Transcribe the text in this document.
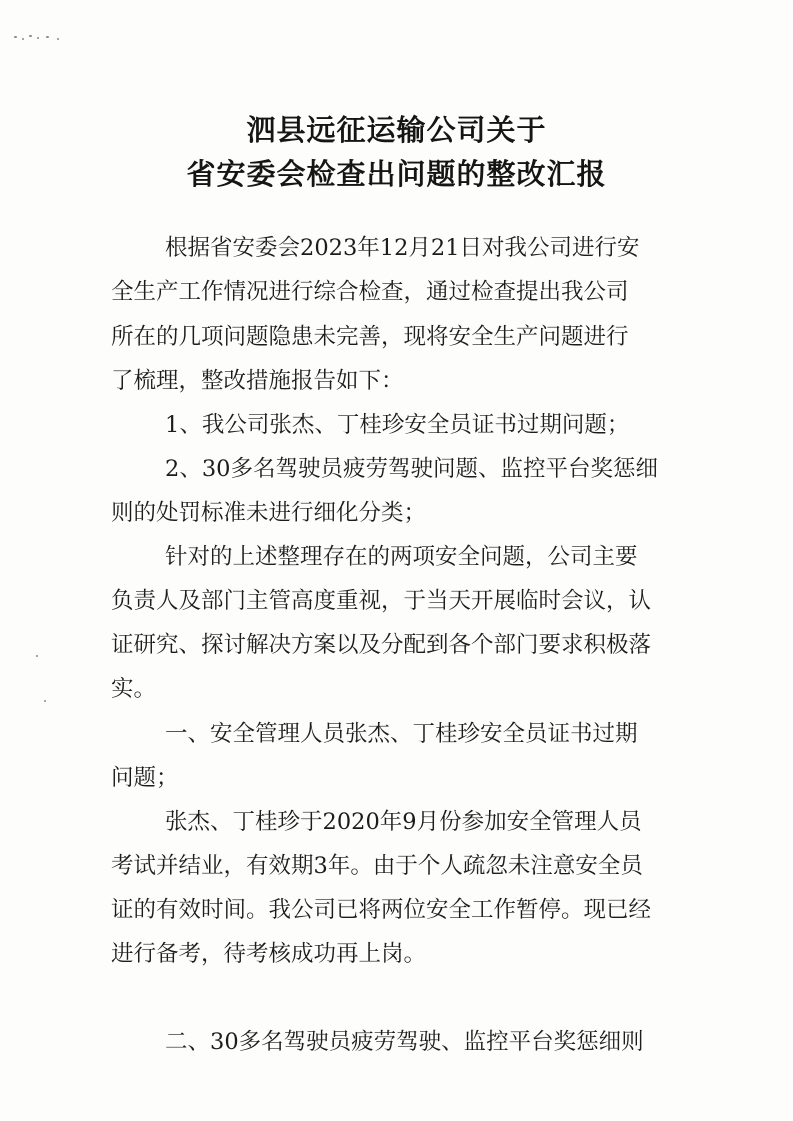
泗县远征运输公司关于
省安委会检查出问题的整改汇报
根据省安委会2023年12月21日对我公司进行安
全生产工作情况进行综合检查，通过检查提出我公司
所在的几项问题隐患未完善，现将安全生产问题进行
了梳理，整改措施报告如下：
1、我公司张杰、丁桂珍安全员证书过期问题；
2、30多名驾驶员疲劳驾驶问题、监控平台奖惩细
则的处罚标准未进行细化分类；
针对的上述整理存在的两项安全问题，公司主要
负责人及部门主管高度重视，于当天开展临时会议，认
证研究、探讨解决方案以及分配到各个部门要求积极落
实。
一、安全管理人员张杰、丁桂珍安全员证书过期
问题；
张杰、丁桂珍于2020年9月份参加安全管理人员
考试并结业，有效期3年。由于个人疏忽未注意安全员
证的有效时间。我公司已将两位安全工作暂停。现已经
进行备考，待考核成功再上岗。
二、30多名驾驶员疲劳驾驶、监控平台奖惩细则
